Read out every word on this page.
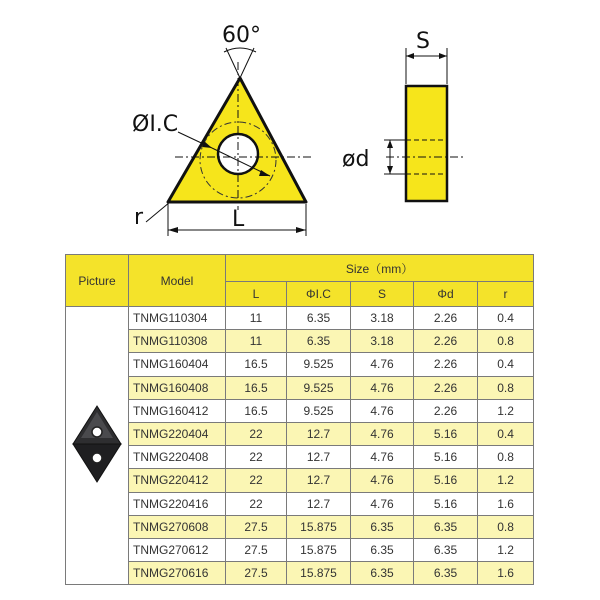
60°
ØI.C
r	L
S
ød
Picture	Model	Size（mm）				
		L	ΦI.C	S	Φd	r
	TNMG110304	11	6.35	3.18	2.26	0.4
	TNMG110308	11	6.35	3.18	2.26	0.8
	TNMG160404	16.5	9.525	4.76	2.26	0.4
	TNMG160408	16.5	9.525	4.76	2.26	0.8
	TNMG160412	16.5	9.525	4.76	2.26	1.2
	TNMG220404	22	12.7	4.76	5.16	0.4
	TNMG220408	22	12.7	4.76	5.16	0.8
	TNMG220412	22	12.7	4.76	5.16	1.2
	TNMG220416	22	12.7	4.76	5.16	1.6
	TNMG270608	27.5	15.875	6.35	6.35	0.8
	TNMG270612	27.5	15.875	6.35	6.35	1.2
	TNMG270616	27.5	15.875	6.35	6.35	1.6
